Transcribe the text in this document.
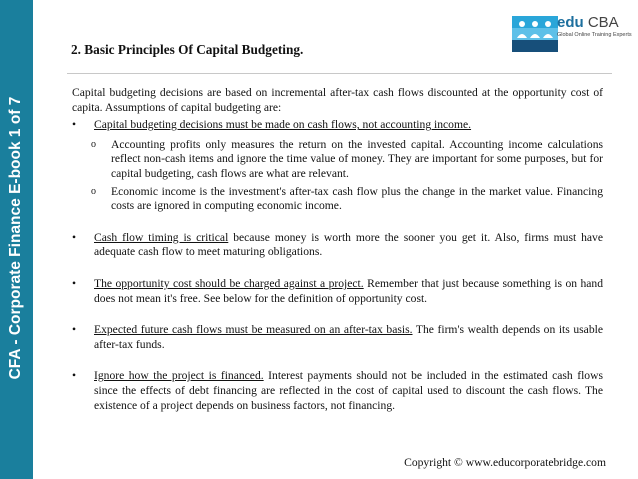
CFA - Corporate Finance E-book 1 of 7
edu CBA
Global Online Training Experts
2. Basic Principles Of Capital Budgeting.

Capital budgeting decisions are based on incremental after-tax cash flows discounted at the opportunity cost of capita. Assumptions of capital budgeting are:

• Capital budgeting decisions must be made on cash flows, not accounting income.
o Accounting profits only measures the return on the invested capital. Accounting income calculations reflect non-cash items and ignore the time value of money. They are important for some purposes, but for capital budgeting, cash flows are what are relevant.
o Economic income is the investment's after-tax cash flow plus the change in the market value. Financing costs are ignored in computing economic income.
• Cash flow timing is critical because money is worth more the sooner you get it. Also, firms must have adequate cash flow to meet maturing obligations.
• The opportunity cost should be charged against a project. Remember that just because something is on hand does not mean it's free. See below for the definition of opportunity cost.
• Expected future cash flows must be measured on an after-tax basis. The firm's wealth depends on its usable after-tax funds.
• Ignore how the project is financed. Interest payments should not be included in the estimated cash flows since the effects of debt financing are reflected in the cost of capital used to discount the cash flows. The existence of a project depends on business factors, not financing.
Copyright © www.educorporatebridge.com
